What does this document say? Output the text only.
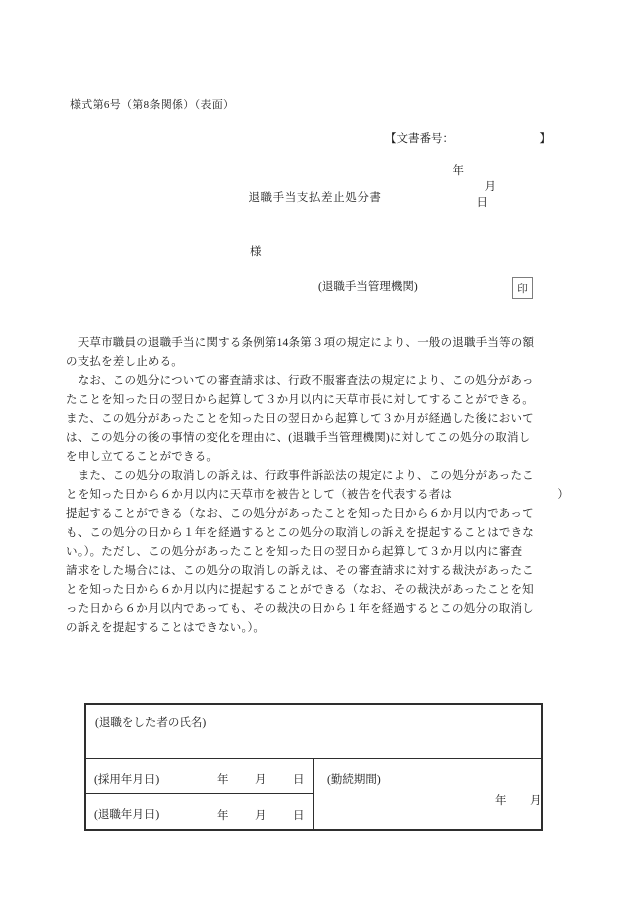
様式第6号（第8条関係）（表面）
【文書番号：	】

年
月
日

退職手当支払差止処分書
様
(退職手当管理機関)	印
　天草市職員の退職手当に関する条例第14条第３項の規定により、一般の退職手当等の額
の支払を差し止める。
　なお、この処分についての審査請求は、行政不服審査法の規定により、この処分があっ
たことを知った日の翌日から起算して３か月以内に天草市長に対してすることができる。
また、この処分があったことを知った日の翌日から起算して３か月が経過した後において
は、この処分の後の事情の変化を理由に、(退職手当管理機関)に対してこの処分の取消し
を申し立てることができる。
　また、この処分の取消しの訴えは、行政事件訴訟法の規定により、この処分があったこ
とを知った日から６か月以内に天草市を被告として（被告を代表する者は　　　　　　　　　）
提起することができる（なお、この処分があったことを知った日から６か月以内であって
も、この処分の日から１年を経過するとこの処分の取消しの訴えを提起することはできな
い。）。ただし、この処分があったことを知った日の翌日から起算して３か月以内に審査
請求をした場合には、この処分の取消しの訴えは、その審査請求に対する裁決があったこ
とを知った日から６か月以内に提起することができる（なお、その裁決があったことを知
った日から６か月以内であっても、その裁決の日から１年を経過するとこの処分の取消し
の訴えを提起することはできない。）。
(退職をした者の氏名)
(採用年月日)	年 月 日
(退職年月日)	年 月 日
(勤続期間)
年 月
